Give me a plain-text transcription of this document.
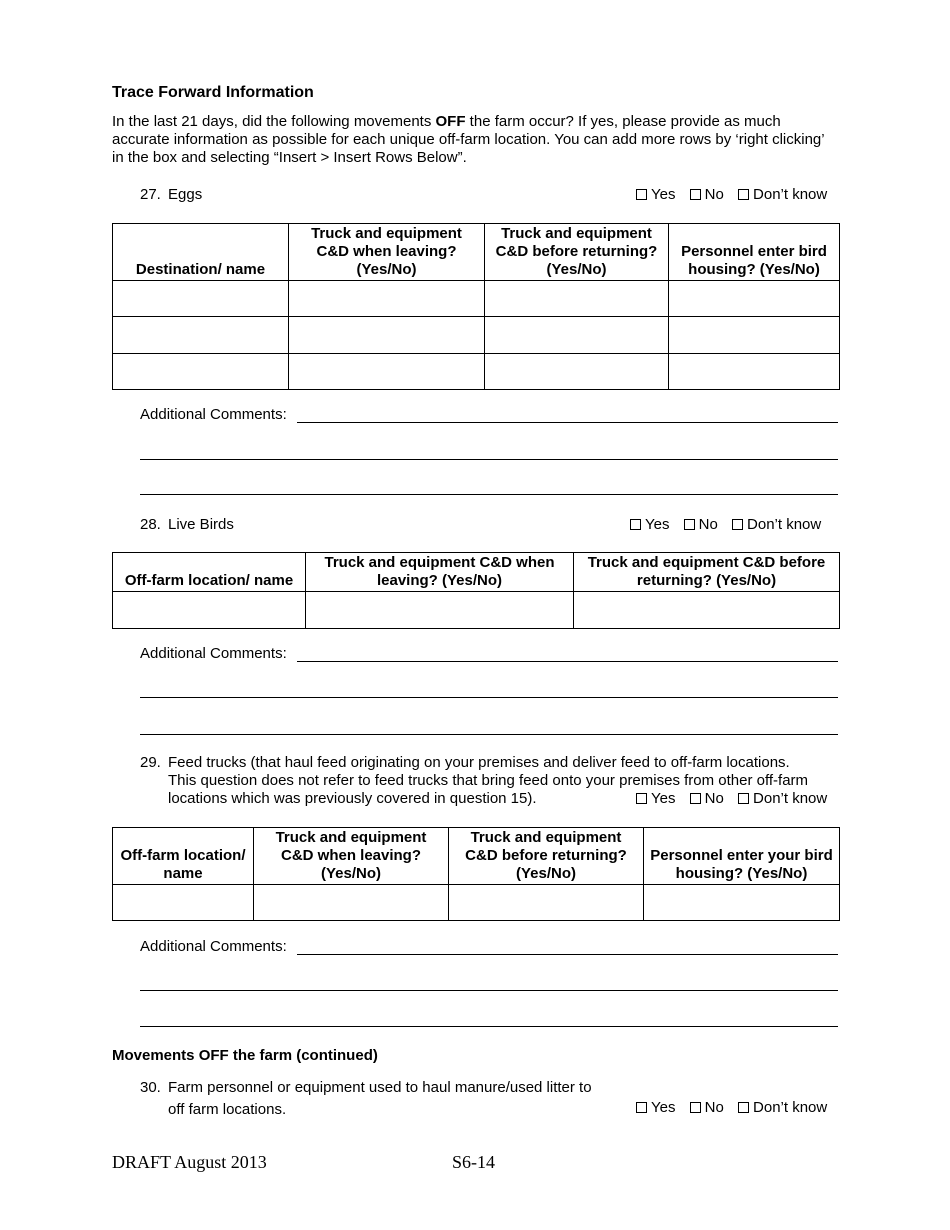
Trace Forward Information
In the last 21 days, did the following movements OFF the farm occur? If yes, please provide as much accurate information as possible for each unique off-farm location. You can add more rows by ‘right clicking’ in the box and selecting “Insert > Insert Rows Below”.
27. Eggs	Yes
No
Don’t know
Destination/ name	Truck and equipment C&D when leaving? (Yes/No)	Truck and equipment C&D before returning? (Yes/No)	Personnel enter bird housing? (Yes/No)

Additional Comments:
28. Live Birds	Yes
No
Don’t know
Off-farm location/ name	Truck and equipment C&D when leaving? (Yes/No)	Truck and equipment C&D before returning? (Yes/No)

Additional Comments:
29. Feed trucks (that haul feed originating on your premises and deliver feed to off-farm locations.
This question does not refer to feed trucks that bring feed onto your premises from other off-farm
locations which was previously covered in question 15).	Yes
No
Don’t know
Off-farm location/ name	Truck and equipment C&D when leaving? (Yes/No)	Truck and equipment C&D before returning? (Yes/No)	Personnel enter your bird housing? (Yes/No)

Additional Comments:
Movements OFF the farm (continued)
30. Farm personnel or equipment used to haul manure/used litter to
off farm locations.	Yes
No
Don’t know
DRAFT August 2013	S6-14
